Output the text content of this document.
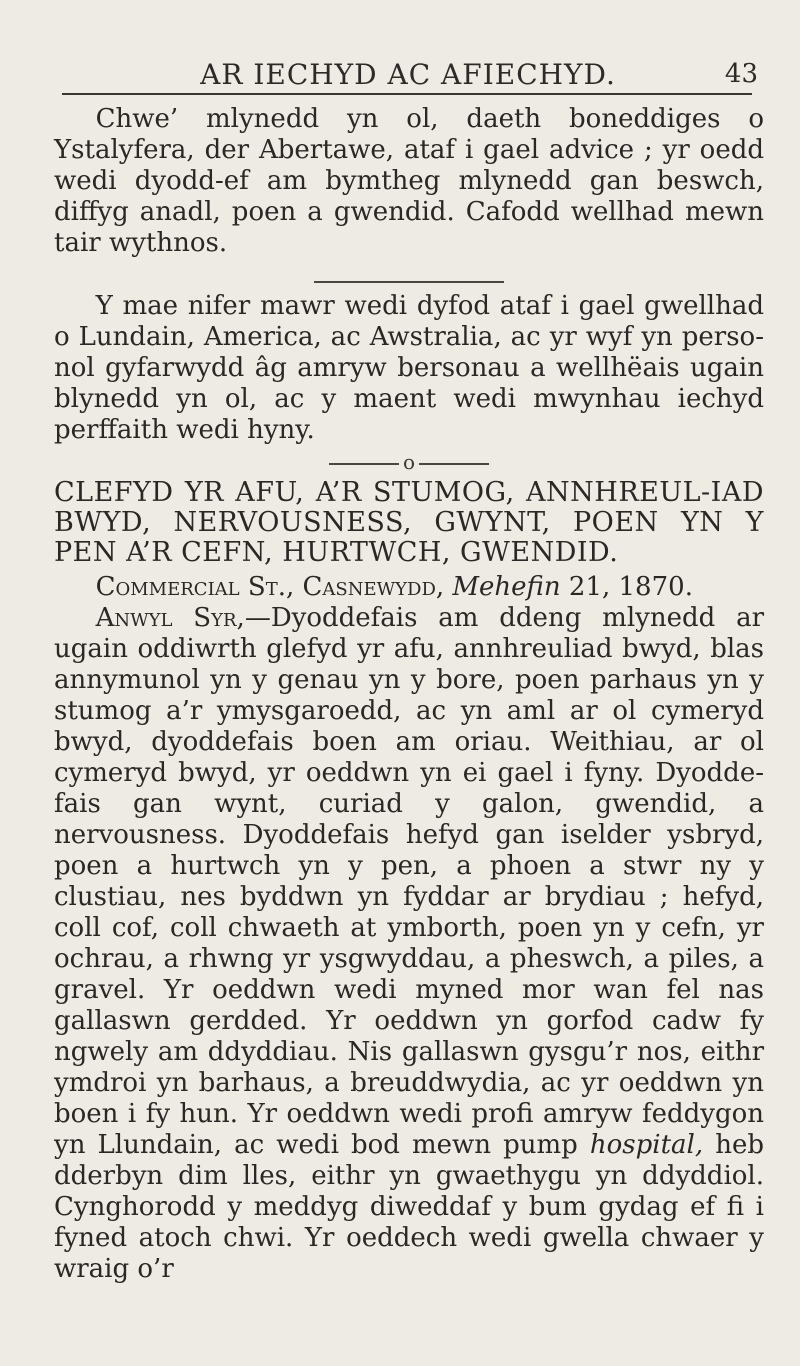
AR IECHYD AC AFIECHYD.	43

Chwe’ mlynedd yn ol, daeth boneddiges o Ystalyfera, der Abertawe, ataf i gael advice ; yr oedd wedi dyodd-ef am bymtheg mlynedd gan beswch, diffyg anadl, poen a gwendid. Cafodd wellhad mewn tair wythnos.

Y mae nifer mawr wedi dyfod ataf i gael gwellhad o Lundain, America, ac Awstralia, ac yr wyf yn perso-nol gyfarwydd âg amryw bersonau a wellhëais ugain blynedd yn ol, ac y maent wedi mwynhau iechyd perffaith wedi hyny.

o

CLEFYD YR AFU, A’R STUMOG, ANNHREUL-IAD BWYD, NERVOUSNESS, GWYNT, POEN YN Y PEN A’R CEFN, HURTWCH, GWENDID.

Commercial St., Casnewydd, Mehefin 21, 1870.

Anwyl Syr,—Dyoddefais am ddeng mlynedd ar ugain oddiwrth glefyd yr afu, annhreuliad bwyd, blas annymunol yn y genau yn y bore, poen parhaus yn y stumog a’r ymysgaroedd, ac yn aml ar ol cymeryd bwyd, dyoddefais boen am oriau. Weithiau, ar ol cymeryd bwyd, yr oeddwn yn ei gael i fyny. Dyodde-fais gan wynt, curiad y galon, gwendid, a nervousness. Dyoddefais hefyd gan iselder ysbryd, poen a hurtwch yn y pen, a phoen a stwr ny y clustiau, nes byddwn yn fyddar ar brydiau ; hefyd, coll cof, coll chwaeth at ymborth, poen yn y cefn, yr ochrau, a rhwng yr ysgwyddau, a pheswch, a piles, a gravel. Yr oeddwn wedi myned mor wan fel nas gallaswn gerdded. Yr oeddwn yn gorfod cadw fy ngwely am ddyddiau. Nis gallaswn gysgu’r nos, eithr ymdroi yn barhaus, a breuddwydia, ac yr oeddwn yn boen i fy hun. Yr oeddwn wedi profi amryw feddygon yn Llundain, ac wedi bod mewn pump hospital, heb dderbyn dim lles, eithr yn gwaethygu yn ddyddiol. Cynghorodd y meddyg diweddaf y bum gydag ef fi i fyned atoch chwi. Yr oeddech wedi gwella chwaer y wraig o’r
